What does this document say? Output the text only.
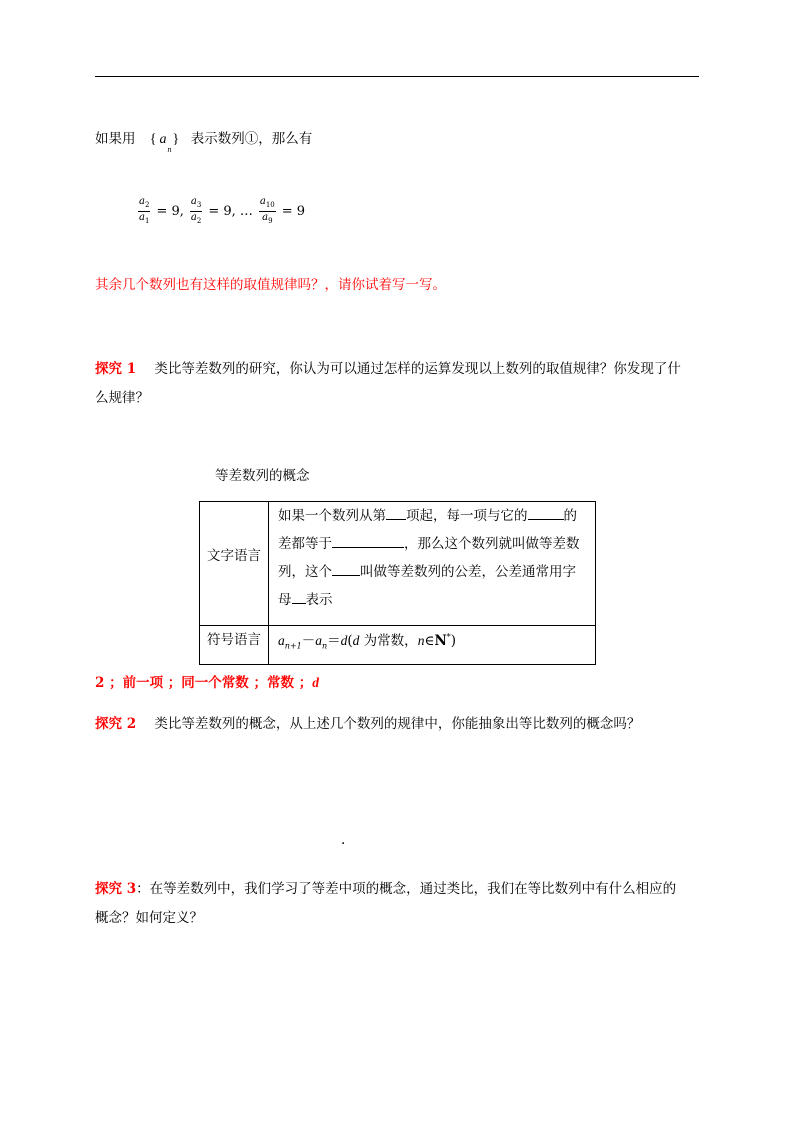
如果用 { $a_n$} 表示数列①，那么有
$\frac{a_2}{a_1} = 9$, $\frac{a_3}{a_2} = 9$, … $\frac{a_{10}}{a_9} = 9$
其余几个数列也有这样的取值规律吗？，请你试着写一写。
探究 1 类比等差数列的研究，你认为可以通过怎样的运算发现以上数列的取值规律？你发现了什
么规律？
等差数列的概念
文字语言
如果一个数列从第 项起，每一项与它的	的
差都等于	，那么这个数列就叫做等差数
列，这个 叫做等差数列的公差，公差通常用字
母 表示
符号语言 $a_{n+1}-a_n=d(d$ 为常数，n∈N*)
2 ；前一项 ；同一个常数 ；常数 ；d
探究 2 类比等差数列的概念，从上述几个数列的规律中，你能抽象出等比数列的概念吗？
.
探究 3：在等差数列中，我们学习了等差中项的概念，通过类比，我们在等比数列中有什么相应的
概念？如何定义？
